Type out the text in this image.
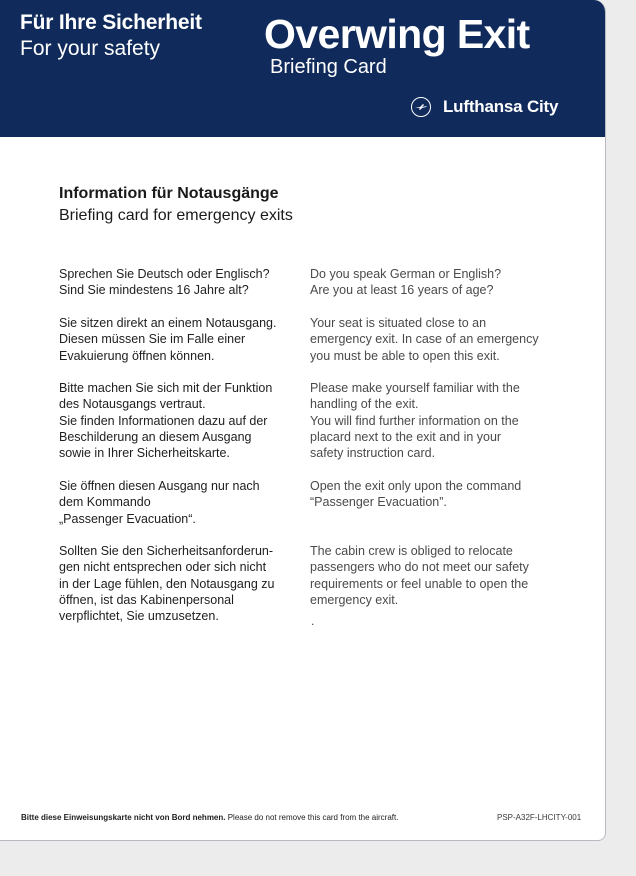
Für Ihre Sicherheit
For your safety	Overwing Exit
Briefing Card
Lufthansa City
Information für Notausgänge
Briefing card for emergency exits
Sprechen Sie Deutsch oder Englisch?
Sind Sie mindestens 16 Jahre alt?
Do you speak German or English?
Are you at least 16 years of age?
Sie sitzen direkt an einem Notausgang.
Diesen müssen Sie im Falle einer
Evakuierung öffnen können.
Your seat is situated close to an
emergency exit. In case of an emergency
you must be able to open this exit.
Bitte machen Sie sich mit der Funktion
des Notausgangs vertraut.
Sie finden Informationen dazu auf der
Beschilderung an diesem Ausgang
sowie in Ihrer Sicherheitskarte.
Please make yourself familiar with the
handling of the exit.
You will find further information on the
placard next to the exit and in your
safety instruction card.
Sie öffnen diesen Ausgang nur nach
dem Kommando
„Passenger Evacuation“.
Open the exit only upon the command
“Passenger Evacuation”.
Sollten Sie den Sicherheitsanforderun-
gen nicht entsprechen oder sich nicht
in der Lage fühlen, den Notausgang zu
öffnen, ist das Kabinenpersonal
verpflichtet, Sie umzusetzen.
The cabin crew is obliged to relocate
passengers who do not meet our safety
requirements or feel unable to open the
emergency exit.
.
Bitte diese Einweisungskarte nicht von Bord nehmen. Please do not remove this card from the aircraft.	PSP-A32F-LHCITY-001
